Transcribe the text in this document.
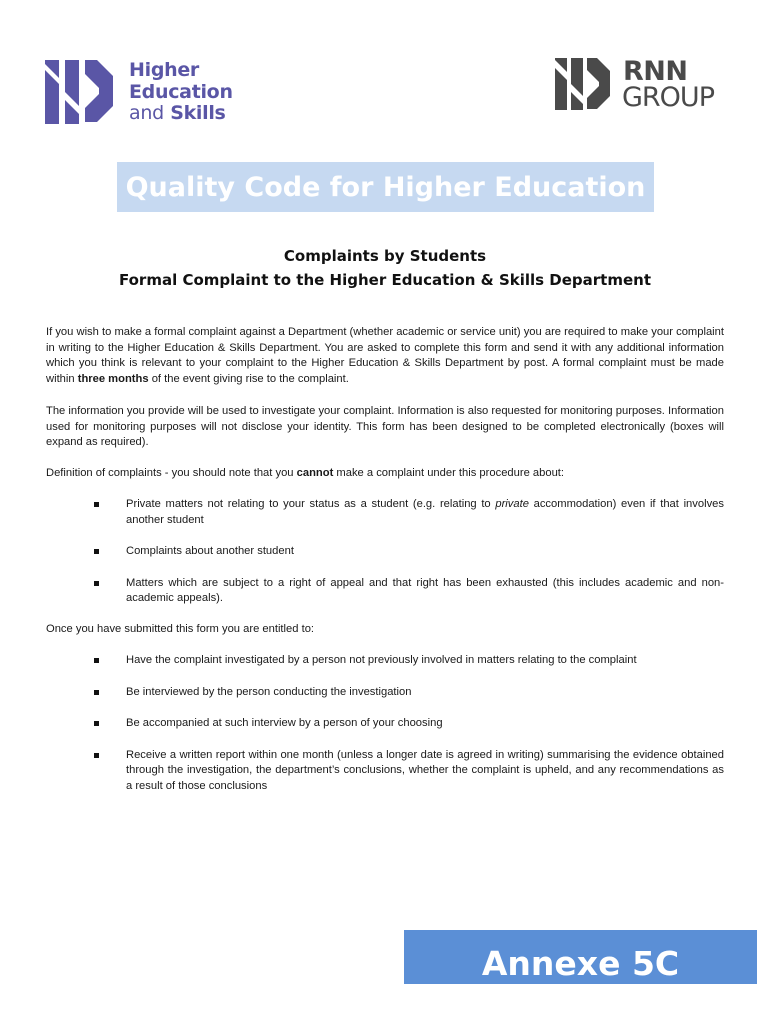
Higher
Education
and Skills
RNN
GROUP
Quality Code for Higher Education
Complaints by Students
Formal Complaint to the Higher Education & Skills Department
If you wish to make a formal complaint against a Department (whether academic or service unit) you are required to make your complaint in writing to the Higher Education & Skills Department. You are asked to complete this form and send it with any additional information which you think is relevant to your complaint to the Higher Education & Skills Department by post. A formal complaint must be made within three months of the event giving rise to the complaint.
The information you provide will be used to investigate your complaint. Information is also requested for monitoring purposes. Information used for monitoring purposes will not disclose your identity. This form has been designed to be completed electronically (boxes will expand as required).
Definition of complaints - you should note that you cannot make a complaint under this procedure about:
Private matters not relating to your status as a student (e.g. relating to private accommodation) even if that involves another student
Complaints about another student
Matters which are subject to a right of appeal and that right has been exhausted (this includes academic and non-academic appeals).
Once you have submitted this form you are entitled to:
Have the complaint investigated by a person not previously involved in matters relating to the complaint
Be interviewed by the person conducting the investigation
Be accompanied at such interview by a person of your choosing
Receive a written report within one month (unless a longer date is agreed in writing) summarising the evidence obtained through the investigation, the department’s conclusions, whether the complaint is upheld, and any recommendations as a result of those conclusions
Annexe 5C
